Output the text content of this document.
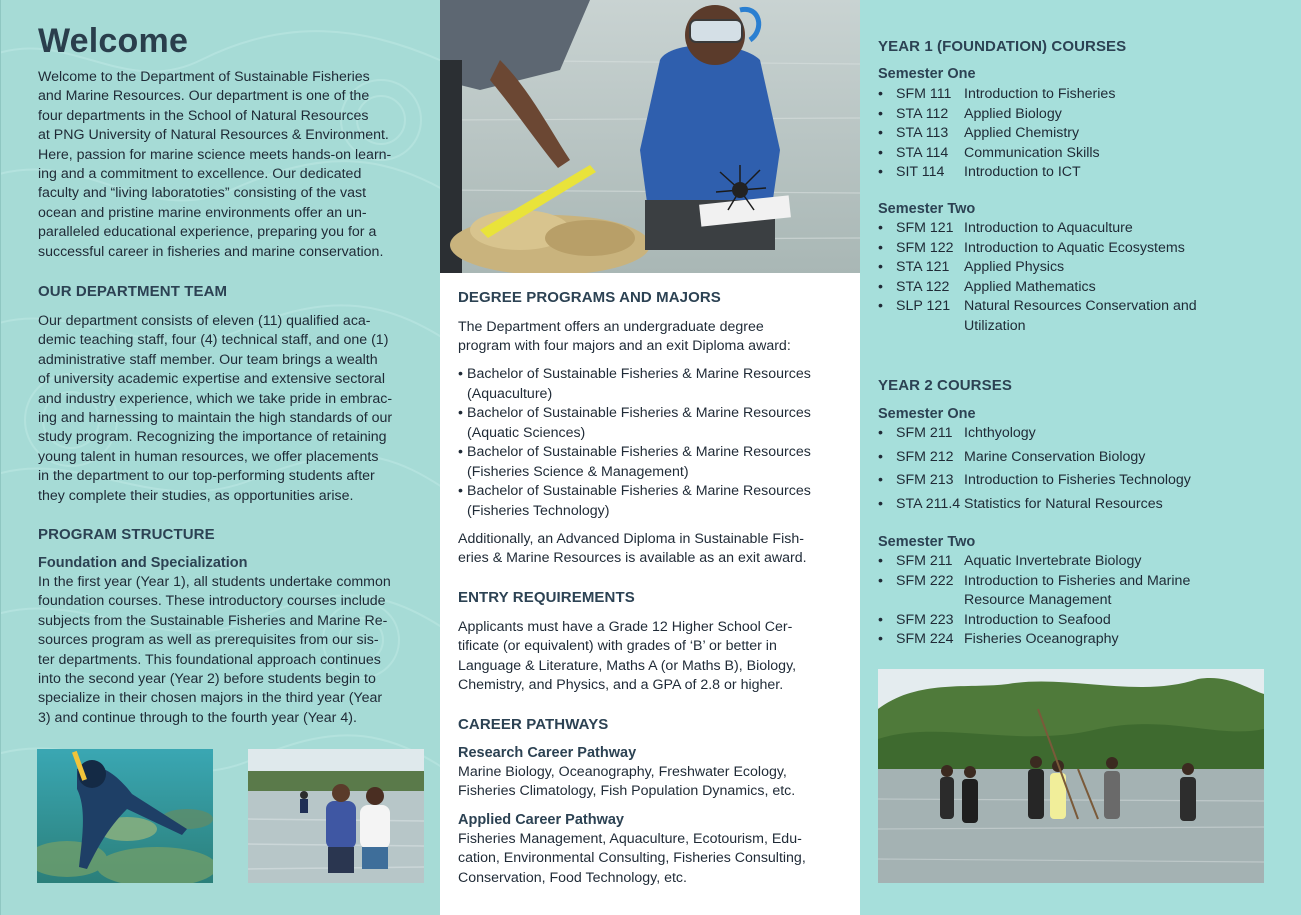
Welcome
Welcome to the Department of Sustainable Fisheries
and Marine Resources. Our department is one of the
four departments in the School of Natural Resources
at PNG University of Natural Resources & Environment.
Here, passion for marine science meets hands-on learn-
ing and a commitment to excellence. Our dedicated
faculty and “living laboratoties” consisting of the vast
ocean and pristine marine environments offer an un-
paralleled educational experience, preparing you for a
successful career in fisheries and marine conservation.
OUR DEPARTMENT TEAM
Our department consists of eleven (11) qualified aca-
demic teaching staff, four (4) technical staff, and one (1)
administrative staff member. Our team brings a wealth
of university academic expertise and extensive sectoral
and industry experience, which we take pride in embrac-
ing and harnessing to maintain the high standards of our
study program. Recognizing the importance of retaining
young talent in human resources, we offer placements
in the department to our top-performing students after
they complete their studies, as opportunities arise.
PROGRAM STRUCTURE
Foundation and Specialization
In the first year (Year 1), all students undertake common
foundation courses. These introductory courses include
subjects from the Sustainable Fisheries and Marine Re-
sources program as well as prerequisites from our sis-
ter departments. This foundational approach continues
into the second year (Year 2) before students begin to
specialize in their chosen majors in the third year (Year
3) and continue through to the fourth year (Year 4).
DEGREE PROGRAMS AND MAJORS
The Department offers an undergraduate degree
program with four majors and an exit Diploma award:
• Bachelor of Sustainable Fisheries & Marine Resources
(Aquaculture)
• Bachelor of Sustainable Fisheries & Marine Resources
(Aquatic Sciences)
• Bachelor of Sustainable Fisheries & Marine Resources
(Fisheries Science & Management)
• Bachelor of Sustainable Fisheries & Marine Resources
(Fisheries Technology)
Additionally, an Advanced Diploma in Sustainable Fish-
eries & Marine Resources is available as an exit award.
ENTRY REQUIREMENTS
Applicants must have a Grade 12 Higher School Cer-
tificate (or equivalent) with grades of ‘B’ or better in
Language & Literature, Maths A (or Maths B), Biology,
Chemistry, and Physics, and a GPA of 2.8 or higher.
CAREER PATHWAYS
Research Career Pathway
Marine Biology, Oceanography, Freshwater Ecology,
Fisheries Climatology, Fish Population Dynamics, etc.
Applied Career Pathway
Fisheries Management, Aquaculture, Ecotourism, Edu-
cation, Environmental Consulting, Fisheries Consulting,
Conservation, Food Technology, etc.
YEAR 1 (FOUNDATION) COURSES
Semester One
• SFM 111 Introduction to Fisheries
• STA 112 Applied Biology
• STA 113 Applied Chemistry
• STA 114 Communication Skills
• SIT 114 Introduction to ICT
Semester Two
• SFM 121 Introduction to Aquaculture
• SFM 122 Introduction to Aquatic Ecosystems
• STA 121 Applied Physics
• STA 122 Applied Mathematics
• SLP 121 Natural Resources Conservation and
Utilization
YEAR 2 COURSES
Semester One
• SFM 211 Ichthyology
• SFM 212 Marine Conservation Biology
• SFM 213 Introduction to Fisheries Technology
• STA 211.4 Statistics for Natural Resources
Semester Two
• SFM 211 Aquatic Invertebrate Biology
• SFM 222 Introduction to Fisheries and Marine
Resource Management
• SFM 223 Introduction to Seafood
• SFM 224 Fisheries Oceanography
